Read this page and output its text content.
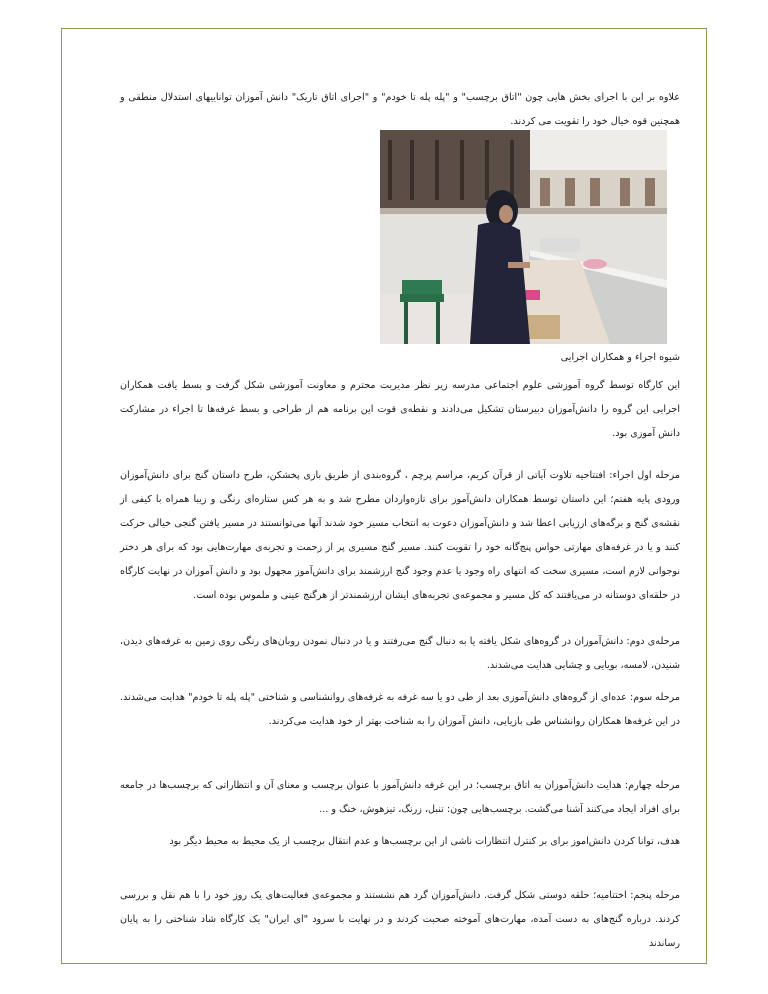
علاوه بر این با اجرای بخش هایی چون "اتاق برچسب" و "پله پله تا خودم" و "اجرای اتاق تاریک" دانش آموزان تواناییهای استدلال منطقی و همچنین قوه خیال خود را تقویت می کردند.

شیوه اجراء و همکاران اجرایی

این کارگاه توسط گروه آموزشی علوم اجتماعی مدرسه زیر نظر مدیریت محترم و معاونت آموزشی شکل گرفت و بسط یافت همکاران اجرایی این گروه را دانش‌آموزان دبیرستان تشکیل می‌دادند و نقطه‌ی قوت این برنامه هم از طراحی و بسط غرفه‌ها تا اجراء در مشارکت دانش آموزی بود.

مرحله اول اجراء: افتتاحیه تلاوت آیاتی از قرآن کریم، مراسم پرچم ، گروه‌بندی از طریق بازی پخشکن، طرح داستان گنج برای دانش‌آموزان ورودی پایه هفتم؛ این داستان توسط همکاران دانش‌آموز برای تازه‌واردان مطرح شد و به هر کس ستاره‌ای رنگی و زیبا همراه با کیفی از نقشه‌ی گنج و برگه‌های ارزیابی اعطا شد و دانش‌آموزان دعوت به انتخاب مسیر خود شدند آنها می‌توانستند در مسیر یافتن گنجی خیالی حرکت کنند و یا در غرفه‌های مهارتی حواس پنج‌گانه خود را تقویت کنند. مسیر گنج مسیری پر از زحمت و تجربه‌ی مهارت‌هایی بود که برای هر دختر نوجوانی لازم است، مسیری سخت که انتهای راه وجود یا عدم وجود گنج ارزشمند برای دانش‌آموز مجهول بود و دانش آموزان در نهایت کارگاه در حلقه‌ای دوستانه در می‌یافتند که کل مسیر و مجموعه‌ی تجربه‌های ایشان ارزشمندتر از هرگنج عینی و ملموس بوده است.

مرحله‌ی دوم: دانش‌آموزان در گروه‌های شکل یافته یا به دنبال گنج می‌رفتند و یا در دنبال نمودن روبان‌های رنگی روی زمین به غرفه‌های دیدن، شنیدن، لامسه، بویایی و چشایی هدایت می‌شدند.

مرحله سوم: عده‌ای از گروه‌های دانش‌آموزی بعد از طی دو یا سه غرفه به غرفه‌های روانشناسی و شناختی "پله پله تا خودم" هدایت می‌شدند. در این غرفه‌ها همکاران روانشناس طی بازیایی، دانش آموزان را به شناخت بهتر از خود هدایت می‌کردند.

مرحله چهارم: هدایت دانش‌آموزان به اتاق برچسب؛ در این غرفه دانش‌آموز با عنوان برچسب و معنای آن و انتظاراتی که برچسب‌ها در جامعه برای افراد ایجاد می‌کنند آشنا می‌گشت. برچسب‌هایی چون: تنبل، زرنگ، تیزهوش، خنگ و ...

هدف، توانا کردن دانش‌اموز برای بر کنترل انتظارات ناشی از این برچسب‌ها و عدم انتقال برچسب از یک محیط به محیط دیگر بود

مرحله پنجم: اختتامیه؛ حلقه دوستی شکل گرفت. دانش‌آموزان گرد هم نشستند و مجموعه‌ی فعالیت‌های یک روز خود را با هم نقل و بررسی کردند. درباره گنج‌های به دست آمده، مهارت‌های آموخته صحبت کردند و در نهایت با سرود "ای ایران" یک کارگاه شاد شناختی را به پایان رساندند
